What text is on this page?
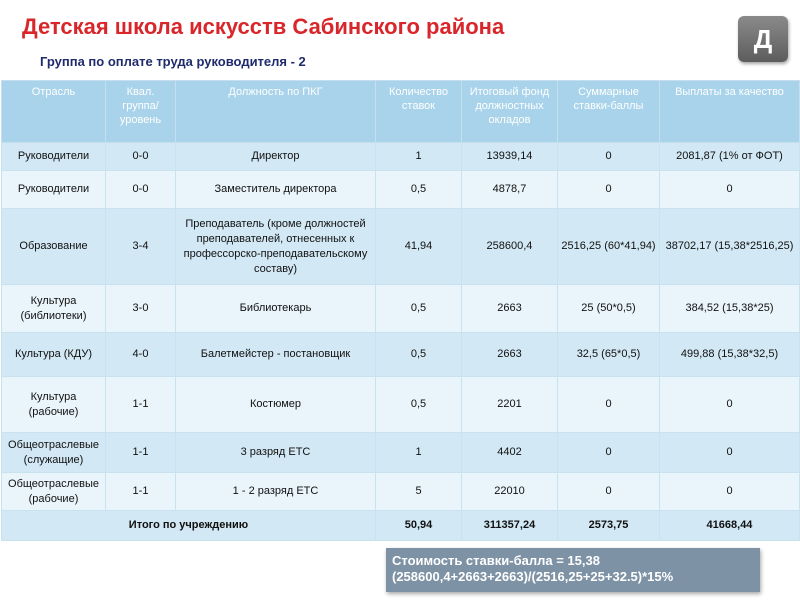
Детская школа искусств Сабинского района
Группа по оплате труда руководителя - 2
Д
Отрасль	Квал. группа/ уровень	Должность по ПКГ	Количество ставок	Итоговый фонд должностных окладов	Суммарные ставки-баллы	Выплаты за качество
Руководители	0-0	Директор	1	13939,14	0	2081,87 (1% от ФОТ)
Руководители	0-0	Заместитель директора	0,5	4878,7	0	0
Образование	3-4	Преподаватель (кроме должностей преподавателей, отнесенных к профессорско-преподавательскому составу)	41,94	258600,4	2516,25 (60*41,94)	38702,17 (15,38*2516,25)
Культура (библиотеки)	3-0	Библиотекарь	0,5	2663	25 (50*0,5)	384,52 (15,38*25)
Культура (КДУ)	4-0	Балетмейстер - постановщик	0,5	2663	32,5 (65*0,5)	499,88 (15,38*32,5)
Культура (рабочие)	1-1	Костюмер	0,5	2201	0	0
Общеотраслевые (служащие)	1-1	3 разряд ЕТС	1	4402	0	0
Общеотраслевые (рабочие)	1-1	1 - 2 разряд ЕТС	5	22010	0	0
Итого по учреждению			50,94	311357,24	2573,75	41668,44
Стоимость ставки-балла = 15,38
(258600,4+2663+2663)/(2516,25+25+32.5)*15%
